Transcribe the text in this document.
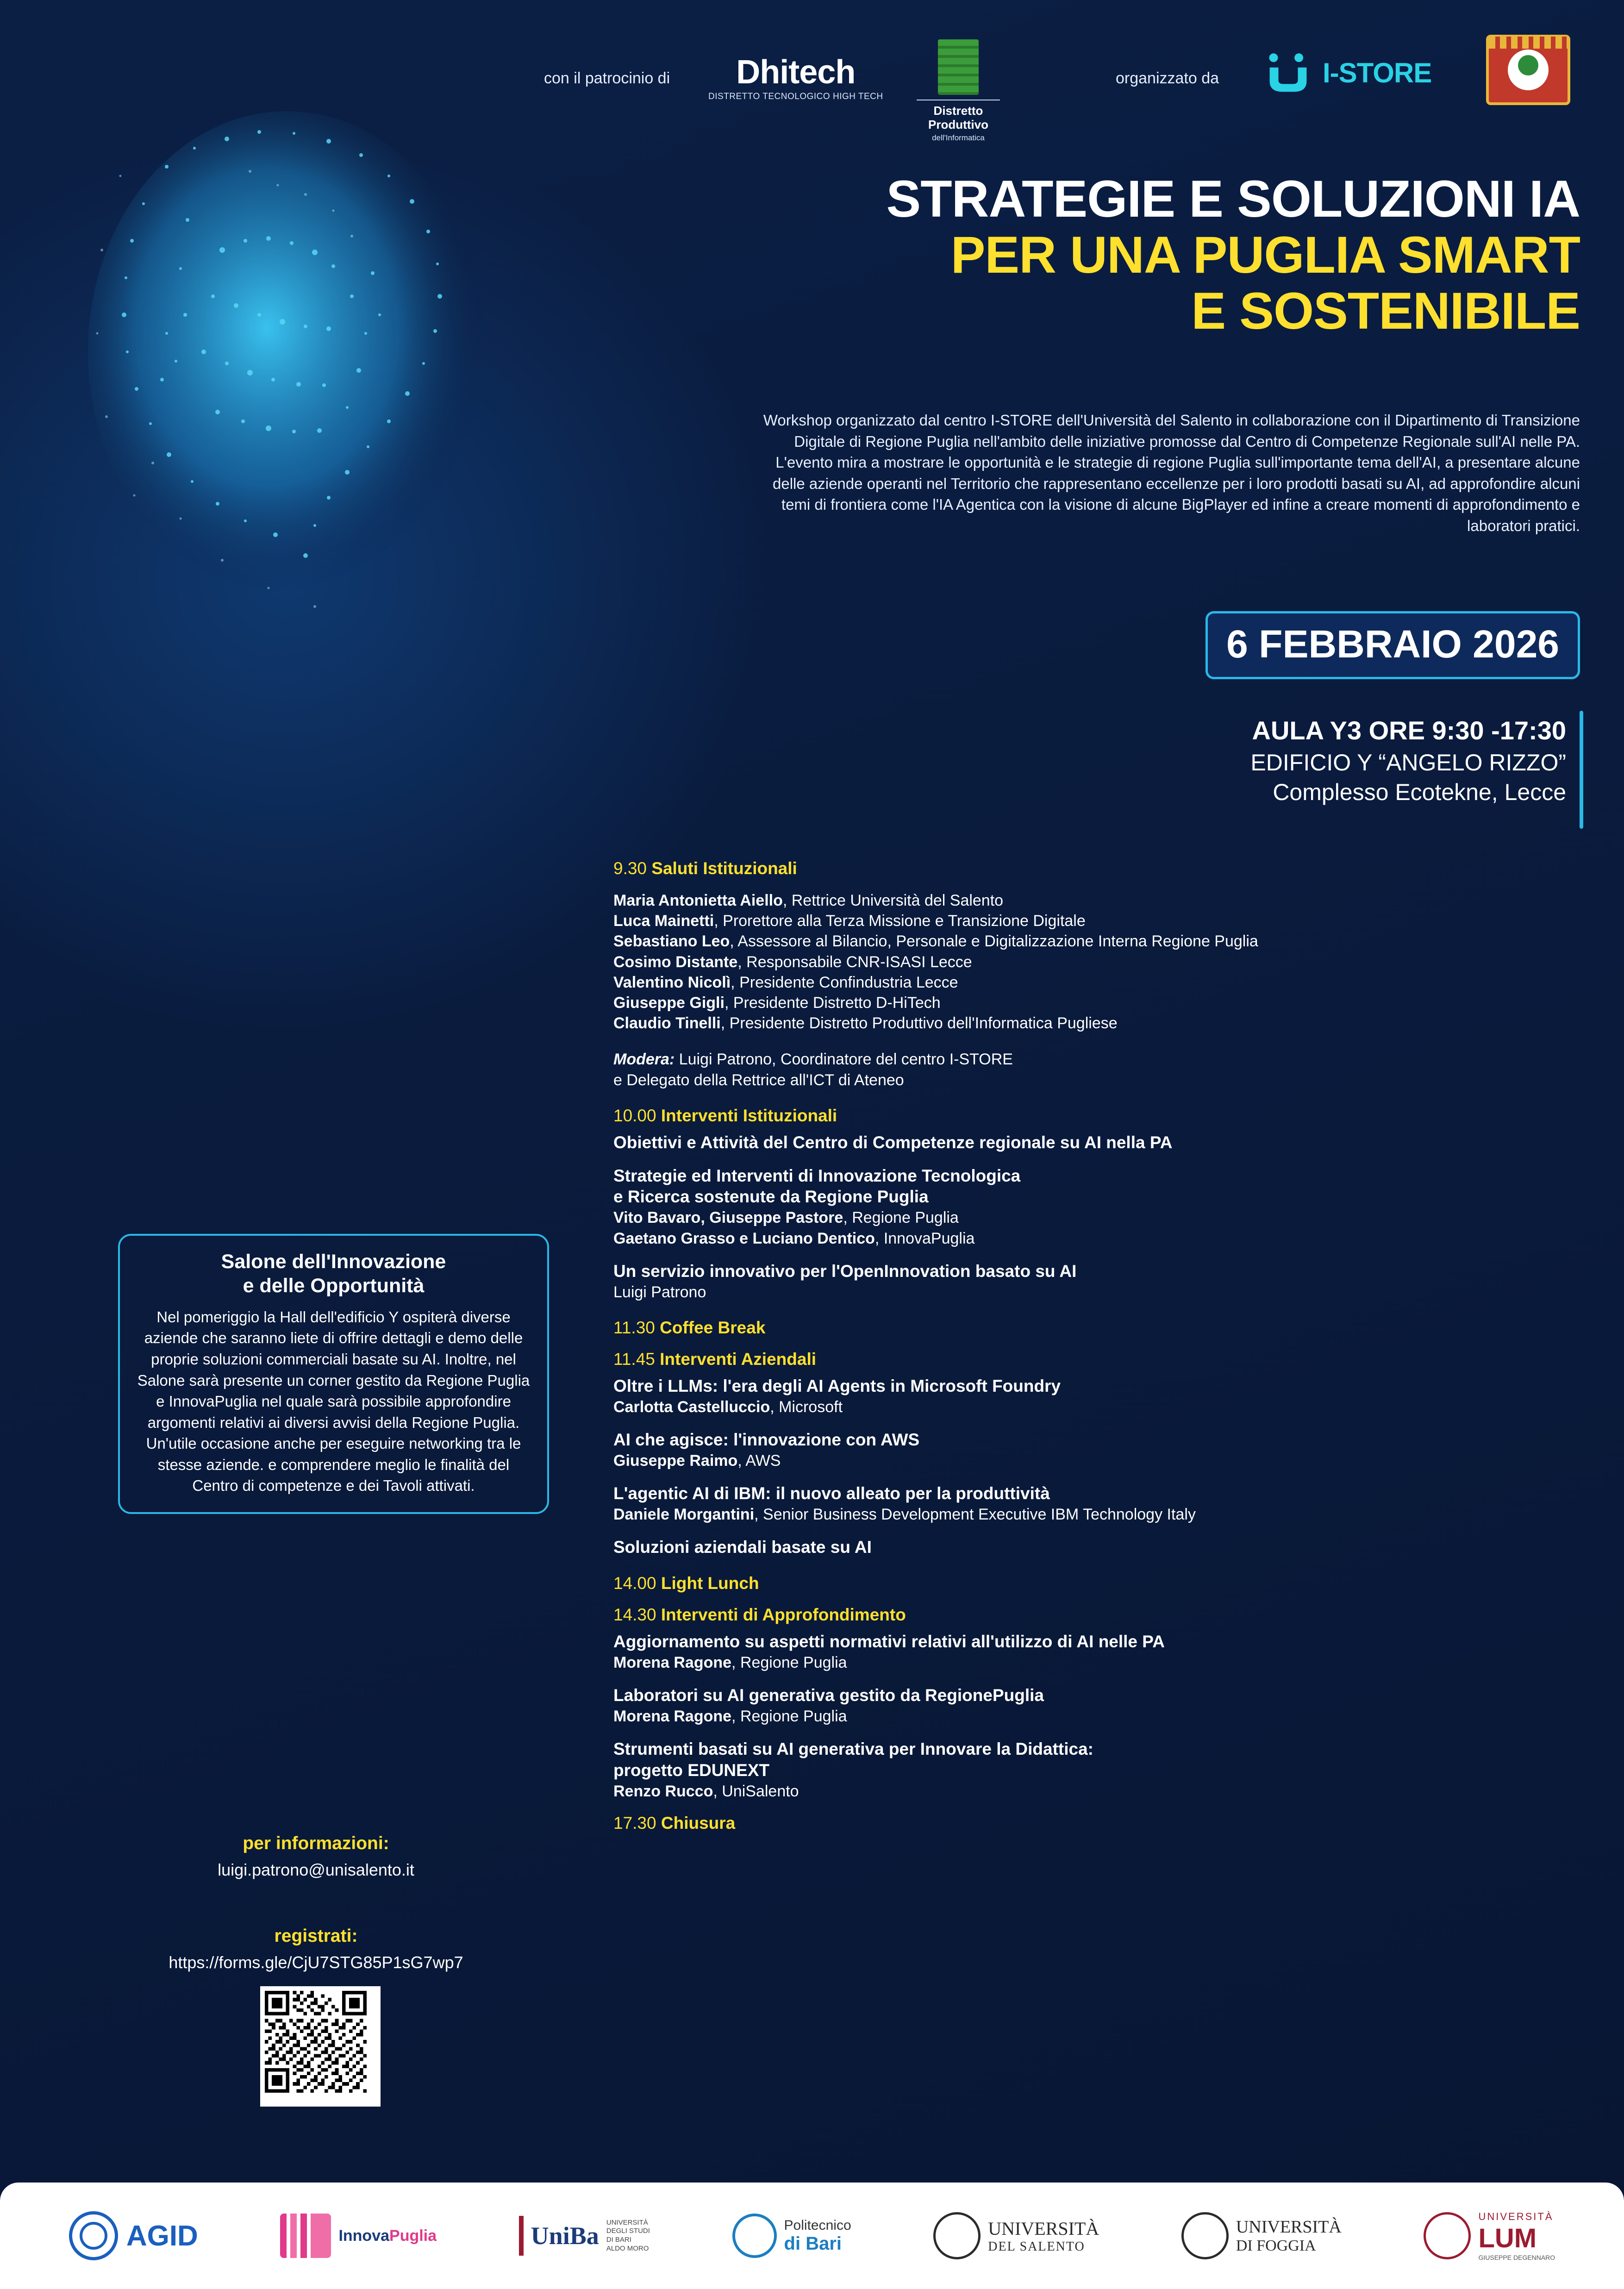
con il patrocinio di	Dhitech
DISTRETTO TECNOLOGICO HIGH TECH
Distretto
Produttivo
dell'Informatica
organizzato da	I-STORE
STRATEGIE E SOLUZIONI IA
PER UNA PUGLIA SMART
E SOSTENIBILE
Workshop organizzato dal centro I-STORE dell'Università del Salento in collaborazione con il Dipartimento di Transizione Digitale di Regione Puglia nell'ambito delle iniziative promosse dal Centro di Competenze Regionale sull'AI nelle PA. L'evento mira a mostrare le opportunità e le strategie di regione Puglia sull'importante tema dell'AI, a presentare alcune delle aziende operanti nel Territorio che rappresentano eccellenze per i loro prodotti basati su AI, ad approfondire alcuni temi di frontiera come l'IA Agentica con la visione di alcune BigPlayer ed infine a creare momenti di approfondimento e laboratori pratici.
6 FEBBRAIO 2026
AULA Y3 ORE 9:30 -17:30
EDIFICIO Y “ANGELO RIZZO”
Complesso Ecotekne, Lecce
9.30 Saluti Istituzionali
Maria Antonietta Aiello, Rettrice Università del Salento
Luca Mainetti, Prorettore alla Terza Missione e Transizione Digitale
Sebastiano Leo, Assessore al Bilancio, Personale e Digitalizzazione Interna Regione Puglia
Cosimo Distante, Responsabile CNR-ISASI Lecce
Valentino Nicolì, Presidente Confindustria Lecce
Giuseppe Gigli, Presidente Distretto D-HiTech
Claudio Tinelli, Presidente Distretto Produttivo dell'Informatica Pugliese
Modera: Luigi Patrono, Coordinatore del centro I-STORE
e Delegato della Rettrice all'ICT di Ateneo
10.00 Interventi Istituzionali
Obiettivi e Attività del Centro di Competenze regionale su AI nella PA
Strategie ed Interventi di Innovazione Tecnologica
e Ricerca sostenute da Regione Puglia
Vito Bavaro, Giuseppe Pastore, Regione Puglia
Gaetano Grasso e Luciano Dentico, InnovaPuglia
Un servizio innovativo per l'OpenInnovation basato su AI
Luigi Patrono
11.30 Coffee Break
11.45 Interventi Aziendali
Oltre i LLMs: l'era degli AI Agents in Microsoft Foundry
Carlotta Castelluccio, Microsoft
AI che agisce: l'innovazione con AWS
Giuseppe Raimo, AWS
L'agentic AI di IBM: il nuovo alleato per la produttività
Daniele Morgantini, Senior Business Development Executive IBM Technology Italy
Soluzioni aziendali basate su AI
14.00 Light Lunch
14.30 Interventi di Approfondimento
Aggiornamento su aspetti normativi relativi all'utilizzo di AI nelle PA
Morena Ragone, Regione Puglia
Laboratori su AI generativa gestito da RegionePuglia
Morena Ragone, Regione Puglia
Strumenti basati su AI generativa per Innovare la Didattica:
progetto EDUNEXT
Renzo Rucco, UniSalento
17.30 Chiusura
Salone dell'Innovazione
e delle Opportunità

Nel pomeriggio la Hall dell'edificio Y ospiterà diverse aziende che saranno liete di offrire dettagli e demo delle proprie soluzioni commerciali basate su AI. Inoltre, nel Salone sarà presente un corner gestito da Regione Puglia e InnovaPuglia nel quale sarà possibile approfondire argomenti relativi ai diversi avvisi della Regione Puglia. Un'utile occasione anche per eseguire networking tra le stesse aziende. e comprendere meglio le finalità del Centro di competenze e dei Tavoli attivati.

per informazioni:
luigi.patrono@unisalento.it
registrati:
https://forms.gle/CjU7STG85P1sG7wp7
AGID	InnovaPuglia	UniBa UNIVERSITÀ
DEGLI STUDI
DI BARI
ALDO MORO
Politecnico
di Bari
UNIVERSITÀ
DEL SALENTO
UNIVERSITÀ
DI FOGGIA
UNIVERSITÀ
LUM
GIUSEPPE DEGENNARO
